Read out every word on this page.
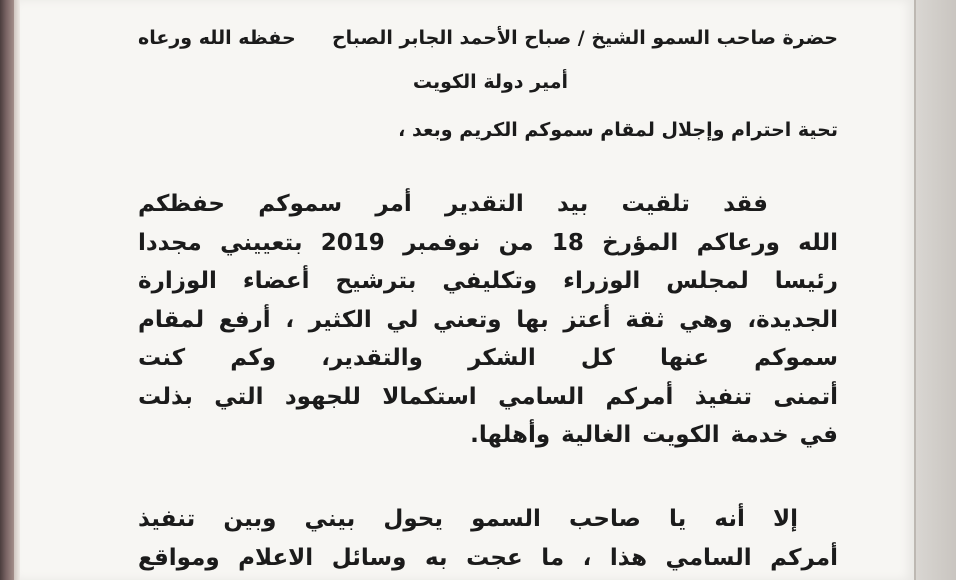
حضرة صاحب السمو الشيخ / صباح الأحمد الجابر الصباح
حفظه الله ورعاه
أمير دولة الكويت
تحية احترام وإجلال لمقام سموكم الكريم وبعد ،
فقد تلقيت بيد التقدير أمر سموكم حفظكم
الله ورعاكم المؤرخ 18 من نوفمبر 2019 بتعييني مجددا
رئيسا لمجلس الوزراء وتكليفي بترشيح أعضاء الوزارة
الجديدة، وهي ثقة أعتز بها وتعني لي الكثير ، أرفع لمقام
سموكم عنها كل الشكر والتقدير، وكم كنت
أتمنى تنفيذ أمركم السامي استكمالا للجهود التي بذلت
في خدمة الكويت الغالية وأهلها.
إلا أنه يا صاحب السمو يحول بيني وبين تنفيذ
أمركم السامي هذا ، ما عجت به وسائل الاعلام ومواقع
